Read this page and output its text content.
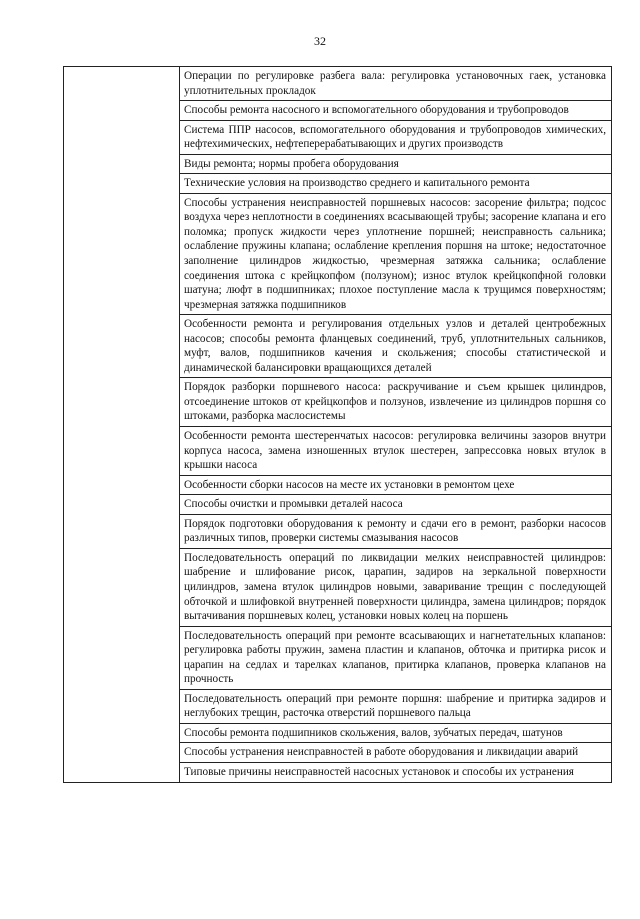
32

Операции по регулировке разбега вала: регулировка установочных гаек, установка уплотнительных прокладок

Способы ремонта насосного и вспомогательного оборудования и трубопроводов

Система ППР насосов, вспомогательного оборудования и трубопроводов химических, нефтехимических, нефтеперерабатывающих и других производств

Виды ремонта; нормы пробега оборудования

Технические условия на производство среднего и капитального ремонта

Способы устранения неисправностей поршневых насосов: засорение фильтра; подсос воздуха через неплотности в соединениях всасывающей трубы; засорение клапана и его поломка; пропуск жидкости через уплотнение поршней; неисправность сальника; ослабление пружины клапана; ослабление крепления поршня на штоке; недостаточное заполнение цилиндров жидкостью, чрезмерная затяжка сальника; ослабление соединения штока с крейцкопфом (ползуном); износ втулок крейцкопфной головки шатуна; люфт в подшипниках; плохое поступление масла к трущимся поверхностям; чрезмерная затяжка подшипников

Особенности ремонта и регулирования отдельных узлов и деталей центробежных насосов; способы ремонта фланцевых соединений, труб, уплотнительных сальников, муфт, валов, подшипников качения и скольжения; способы статистической и динамической балансировки вращающихся деталей

Порядок разборки поршневого насоса: раскручивание и съем крышек цилиндров, отсоединение штоков от крейцкопфов и ползунов, извлечение из цилиндров поршня со штоками, разборка маслосистемы

Особенности ремонта шестеренчатых насосов: регулировка величины зазоров внутри корпуса насоса, замена изношенных втулок шестерен, запрессовка новых втулок в крышки насоса

Особенности сборки насосов на месте их установки в ремонтом цехе

Способы очистки и промывки деталей насоса

Порядок подготовки оборудования к ремонту и сдачи его в ремонт, разборки насосов различных типов, проверки системы смазывания насосов

Последовательность операций по ликвидации мелких неисправностей цилиндров: шабрение и шлифование рисок, царапин, задиров на зеркальной поверхности цилиндров, замена втулок цилиндров новыми, заваривание трещин с последующей обточкой и шлифовкой внутренней поверхности цилиндра, замена цилиндров; порядок вытачивания поршневых колец, установки новых колец на поршень

Последовательность операций при ремонте всасывающих и нагнетательных клапанов: регулировка работы пружин, замена пластин и клапанов, обточка и притирка рисок и царапин на седлах и тарелках клапанов, притирка клапанов, проверка клапанов на прочность

Последовательность операций при ремонте поршня: шабрение и притирка задиров и неглубоких трещин, расточка отверстий поршневого пальца

Способы ремонта подшипников скольжения, валов, зубчатых передач, шатунов

Способы устранения неисправностей в работе оборудования и ликвидации аварий

Типовые причины неисправностей насосных установок и способы их устранения
